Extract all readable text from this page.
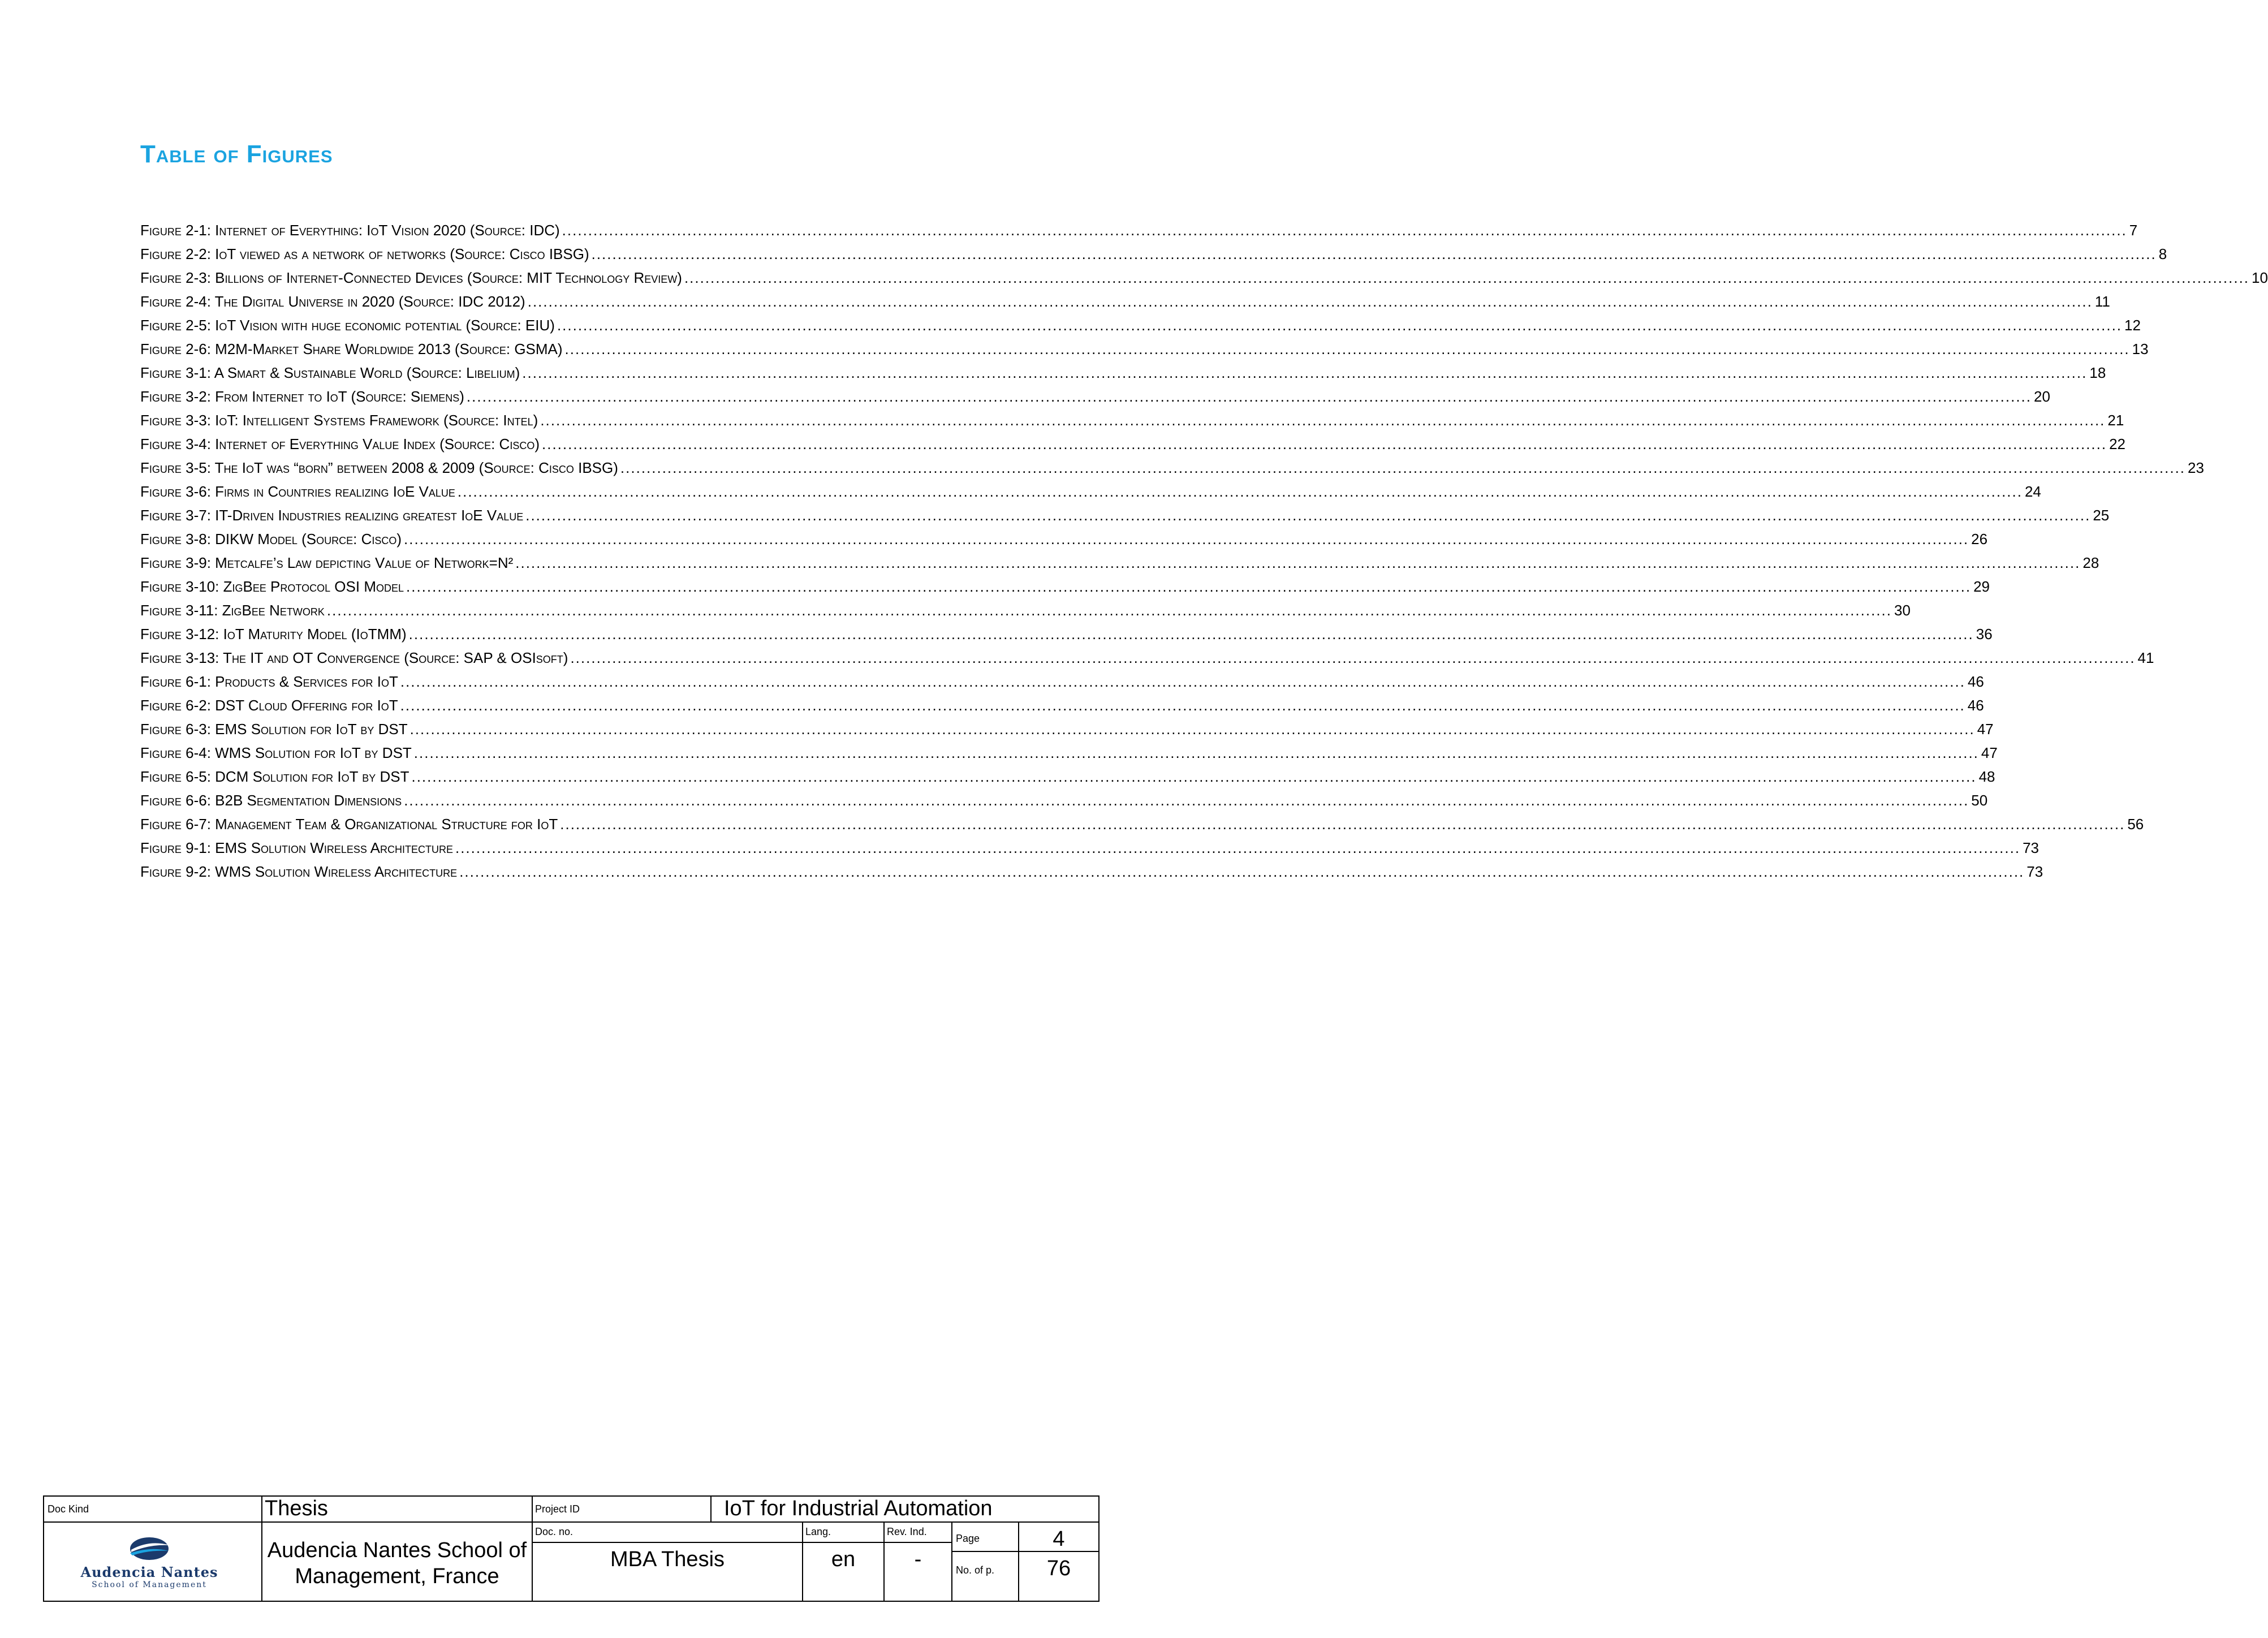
Table of Figures
Figure 2-1: Internet of Everything: IoT Vision 2020 (Source: IDC) ............................................................................................................................................................................................................................................................................................................ 7
Figure 2-2: IoT viewed as a network of networks (Source: Cisco IBSG) ............................................................................................................................................................................................................................................................................................................ 8
Figure 2-3: Billions of Internet-Connected Devices (Source: MIT Technology Review) ............................................................................................................................................................................................................................................................................................................ 10
Figure 2-4: The Digital Universe in 2020 (Source: IDC 2012) ............................................................................................................................................................................................................................................................................................................ 11
Figure 2-5: IoT Vision with huge economic potential (Source: EIU) ............................................................................................................................................................................................................................................................................................................ 12
Figure 2-6: M2M-Market Share Worldwide 2013 (Source: GSMA) ............................................................................................................................................................................................................................................................................................................ 13
Figure 3-1: A Smart & Sustainable World (Source: Libelium) ............................................................................................................................................................................................................................................................................................................ 18
Figure 3-2: From Internet to IoT (Source: Siemens) ............................................................................................................................................................................................................................................................................................................ 20
Figure 3-3: IoT: Intelligent Systems Framework (Source: Intel) ............................................................................................................................................................................................................................................................................................................ 21
Figure 3-4: Internet of Everything Value Index (Source: Cisco) ............................................................................................................................................................................................................................................................................................................ 22
Figure 3-5: The IoT was “born” between 2008 & 2009 (Source: Cisco IBSG) ............................................................................................................................................................................................................................................................................................................ 23
Figure 3-6: Firms in Countries realizing IoE Value ............................................................................................................................................................................................................................................................................................................ 24
Figure 3-7: IT-Driven Industries realizing greatest IoE Value ............................................................................................................................................................................................................................................................................................................ 25
Figure 3-8: DIKW Model (Source: Cisco) ............................................................................................................................................................................................................................................................................................................ 26
Figure 3-9: Metcalfe’s Law depicting Value of Network=N² ............................................................................................................................................................................................................................................................................................................ 28
Figure 3-10: ZigBee Protocol OSI Model ............................................................................................................................................................................................................................................................................................................ 29
Figure 3-11: ZigBee Network ............................................................................................................................................................................................................................................................................................................ 30
Figure 3-12: IoT Maturity Model (IoTMM) ............................................................................................................................................................................................................................................................................................................ 36
Figure 3-13: The IT and OT Convergence (Source: SAP & OSIsoft) ............................................................................................................................................................................................................................................................................................................ 41
Figure 6-1: Products & Services for IoT ............................................................................................................................................................................................................................................................................................................ 46
Figure 6-2: DST Cloud Offering for IoT ............................................................................................................................................................................................................................................................................................................ 46
Figure 6-3: EMS Solution for IoT by DST ............................................................................................................................................................................................................................................................................................................ 47
Figure 6-4: WMS Solution for IoT by DST ............................................................................................................................................................................................................................................................................................................ 47
Figure 6-5: DCM Solution for IoT by DST ............................................................................................................................................................................................................................................................................................................ 48
Figure 6-6: B2B Segmentation Dimensions ............................................................................................................................................................................................................................................................................................................ 50
Figure 6-7: Management Team & Organizational Structure for IoT ............................................................................................................................................................................................................................................................................................................ 56
Figure 9-1: EMS Solution Wireless Architecture ............................................................................................................................................................................................................................................................................................................ 73
Figure 9-2: WMS Solution Wireless Architecture ............................................................................................................................................................................................................................................................................................................ 73
Doc Kind	Thesis	Project ID	IoT for Industrial Automation
Audencia Nantes
School of Management
Audencia Nantes School of
Management, France
Doc. no.
MBA Thesis
Lang.
en
Rev. Ind.
-
Page	4
No. of p.	76
